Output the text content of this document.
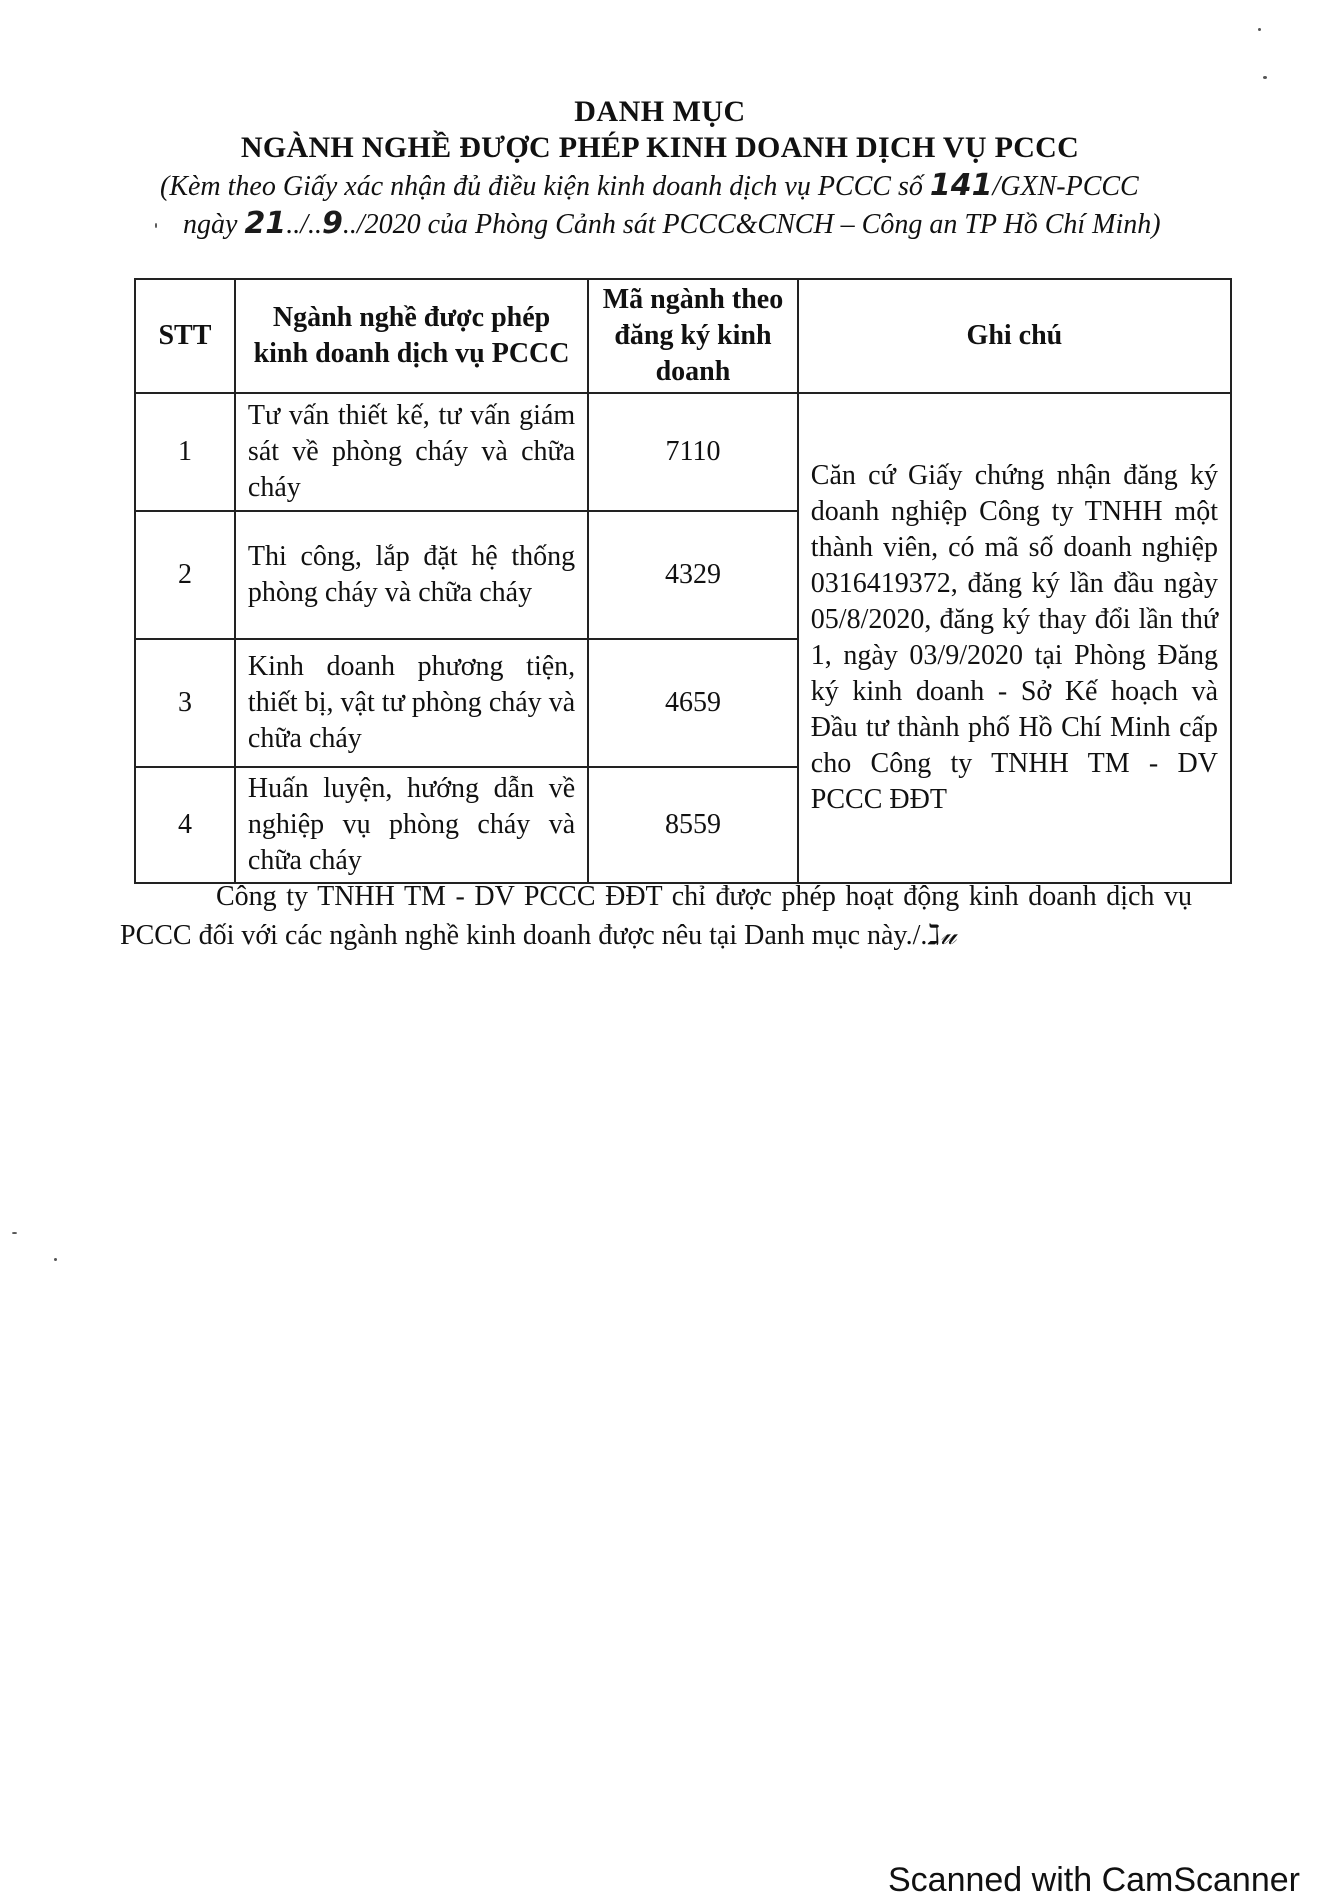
DANH MỤC
NGÀNH NGHỀ ĐƯỢC PHÉP KINH DOANH DỊCH VỤ PCCC
(Kèm theo Giấy xác nhận đủ điều kiện kinh doanh dịch vụ PCCC số 141/GXN-PCCC
ngày 21../..9../2020 của Phòng Cảnh sát PCCC&CNCH – Công an TP Hồ Chí Minh)
STT	Ngành nghề được phép kinh doanh dịch vụ PCCC	Mã ngành theo đăng ký kinh doanh	Ghi chú
1	Tư vấn thiết kế, tư vấn giám sát về phòng cháy và chữa cháy	7110	Căn cứ Giấy chứng nhận đăng ký doanh nghiệp Công ty TNHH một thành viên, có mã số doanh nghiệp 0316419372, đăng ký lần đầu ngày 05/8/2020, đăng ký thay đổi lần thứ 1, ngày 03/9/2020 tại Phòng Đăng ký kinh doanh - Sở Kế hoạch và Đầu tư thành phố Hồ Chí Minh cấp cho Công ty TNHH TM - DV PCCC ĐĐT
2	Thi công, lắp đặt hệ thống phòng cháy và chữa cháy	4329	
3	Kinh doanh phương tiện, thiết bị, vật tư phòng cháy và chữa cháy	4659	
4	Huấn luyện, hướng dẫn về nghiệp vụ phòng cháy và chữa cháy	8559	
Công ty TNHH TM - DV PCCC ĐĐT chỉ được phép hoạt động kinh doanh dịch vụ PCCC đối với các ngành nghề kinh doanh được nêu tại Danh mục này./.ℷ𝓊
Scanned with CamScanner
